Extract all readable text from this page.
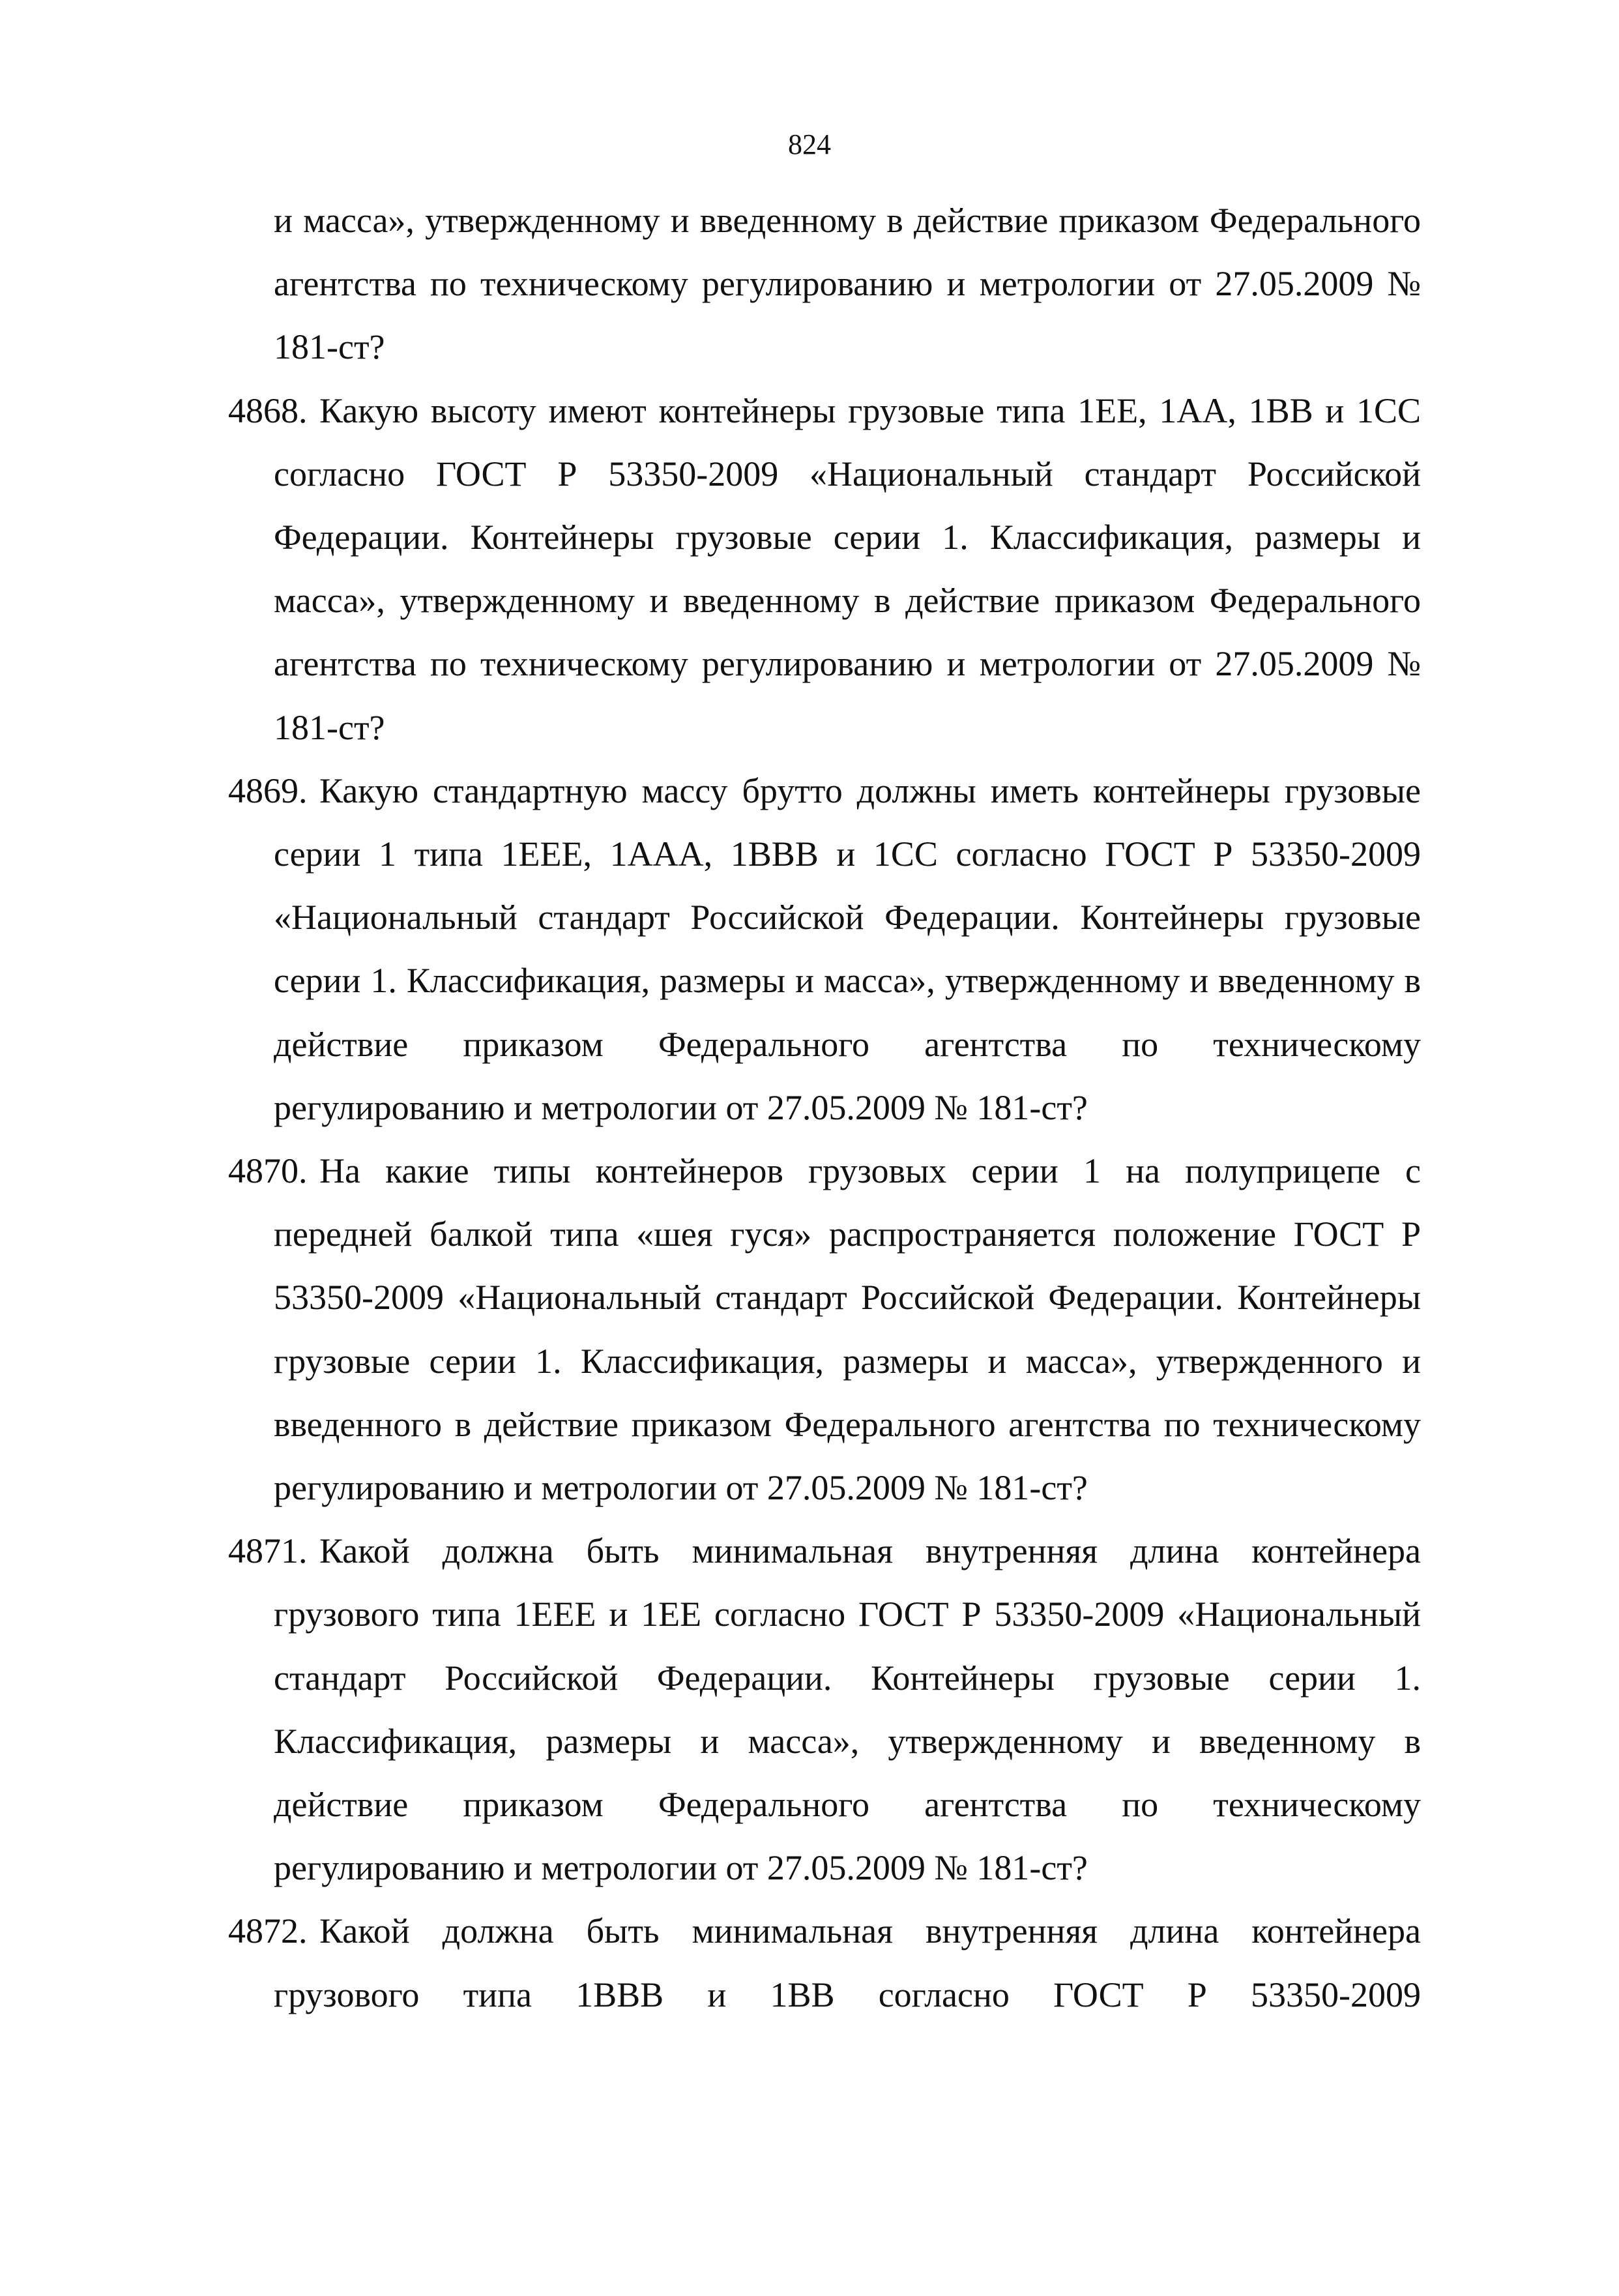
824

и масса», утвержденному и введенному в действие приказом Федерального агентства по техническому регулированию и метрологии от 27.05.2009 № 181-ст?

4868. Какую высоту имеют контейнеры грузовые типа 1ЕЕ, 1АА, 1ВВ и 1СС согласно ГОСТ Р 53350-2009 «Национальный стандарт Российской Федерации. Контейнеры грузовые серии 1. Классификация, размеры и масса», утвержденному и введенному в действие приказом Федерального агентства по техническому регулированию и метрологии от 27.05.2009 № 181-ст?

4869. Какую стандартную массу брутто должны иметь контейнеры грузовые серии 1 типа 1ЕЕЕ, 1ААА, 1ВВВ и 1СС согласно ГОСТ Р 53350-2009 «Национальный стандарт Российской Федерации. Контейнеры грузовые серии 1. Классификация, размеры и масса», утвержденному и введенному в действие приказом Федерального агентства по техническому регулированию и метрологии от 27.05.2009 № 181-ст?

4870. На какие типы контейнеров грузовых серии 1 на полуприцепе с передней балкой типа «шея гуся» распространяется положение ГОСТ Р 53350-2009 «Национальный стандарт Российской Федерации. Контейнеры грузовые серии 1. Классификация, размеры и масса», утвержденного и введенного в действие приказом Федерального агентства по техническому регулированию и метрологии от 27.05.2009 № 181-ст?

4871. Какой должна быть минимальная внутренняя длина контейнера грузового типа 1ЕЕЕ и 1ЕЕ согласно ГОСТ Р 53350-2009 «Национальный стандарт Российской Федерации. Контейнеры грузовые серии 1. Классификация, размеры и масса», утвержденному и введенному в действие приказом Федерального агентства по техническому регулированию и метрологии от 27.05.2009 № 181-ст?

4872. Какой должна быть минимальная внутренняя длина контейнера грузового типа 1ВВВ и 1ВВ согласно ГОСТ Р 53350-2009
